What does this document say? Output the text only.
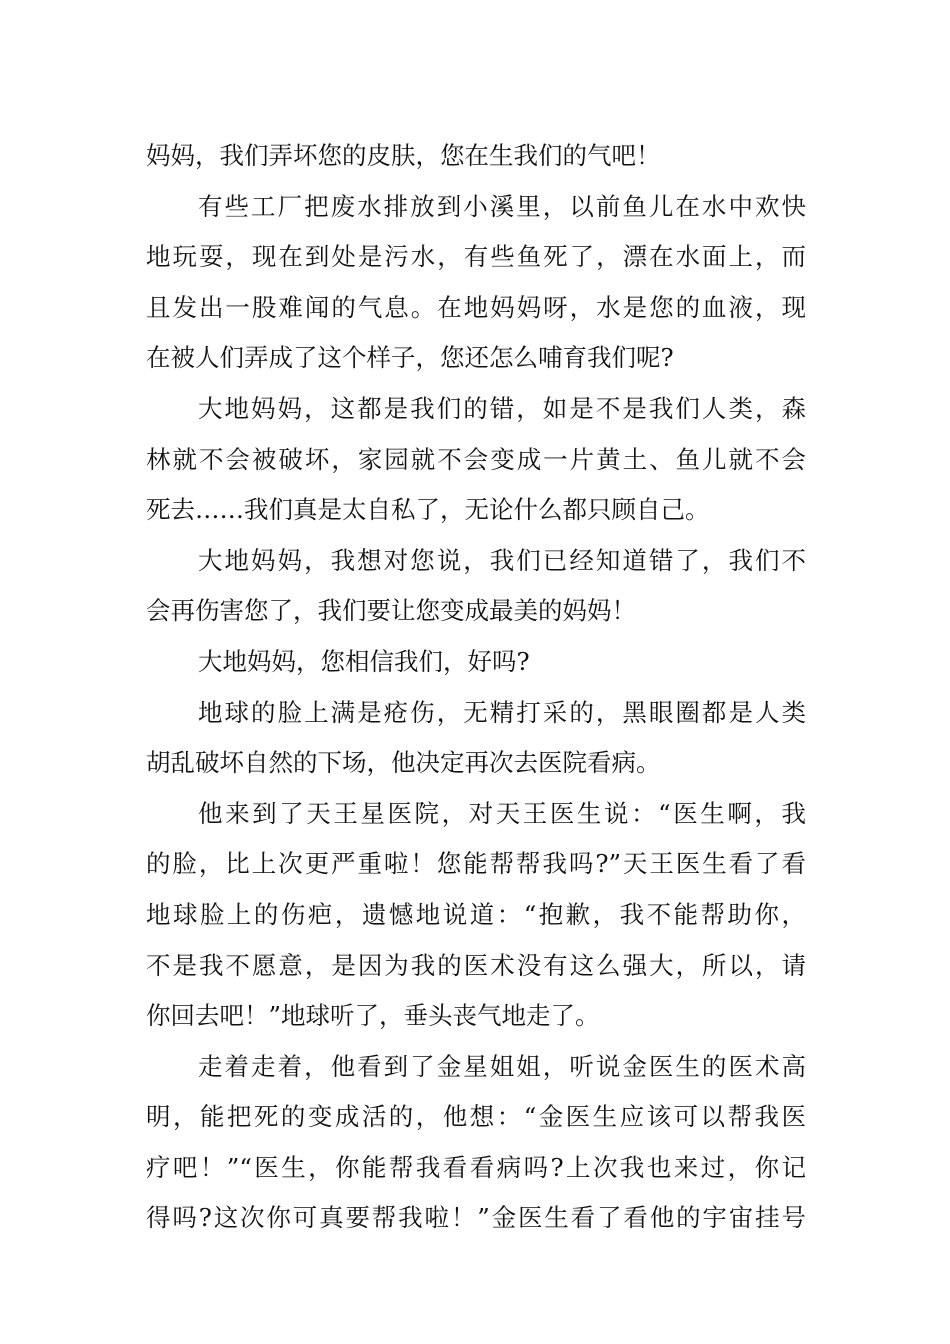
妈妈，我们弄坏您的皮肤，您在生我们的气吧！
有些工厂把废水排放到小溪里，以前鱼儿在水中欢快
地玩耍，现在到处是污水，有些鱼死了，漂在水面上，而
且发出一股难闻的气息。在地妈妈呀，水是您的血液，现
在被人们弄成了这个样子，您还怎么哺育我们呢?
大地妈妈，这都是我们的错，如是不是我们人类，森
林就不会被破坏，家园就不会变成一片黄土、鱼儿就不会
死去……我们真是太自私了，无论什么都只顾自己。
大地妈妈，我想对您说，我们已经知道错了，我们不
会再伤害您了，我们要让您变成最美的妈妈！
大地妈妈，您相信我们，好吗?
地球的脸上满是疮伤，无精打采的，黑眼圈都是人类
胡乱破坏自然的下场，他决定再次去医院看病。
他来到了天王星医院，对天王医生说：“医生啊，我
的脸，比上次更严重啦！您能帮帮我吗?”天王医生看了看
地球脸上的伤疤，遗憾地说道：“抱歉，我不能帮助你，
不是我不愿意，是因为我的医术没有这么强大，所以，请
你回去吧！”地球听了，垂头丧气地走了。
走着走着，他看到了金星姐姐，听说金医生的医术高
明，能把死的变成活的，他想：“金医生应该可以帮我医
疗吧！”“医生，你能帮我看看病吗?上次我也来过，你记
得吗?这次你可真要帮我啦！”金医生看了看他的宇宙挂号
